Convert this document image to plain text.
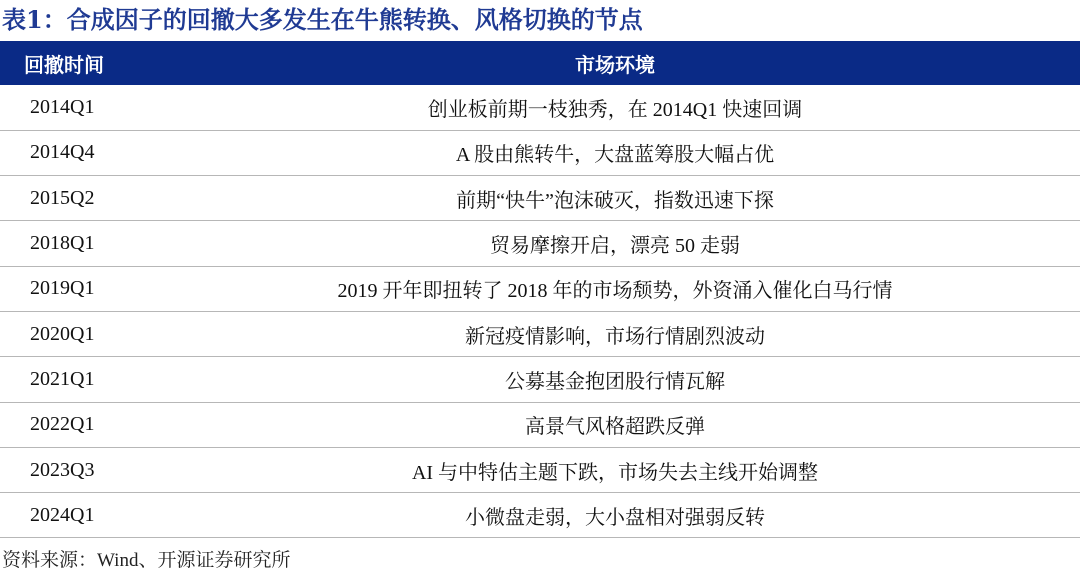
表1：合成因子的回撤大多发生在牛熊转换、风格切换的节点
回撤时间	市场环境
2014Q1	创业板前期一枝独秀，在 2014Q1 快速回调
2014Q4	A 股由熊转牛，大盘蓝筹股大幅占优
2015Q2	前期“快牛”泡沫破灭，指数迅速下探
2018Q1	贸易摩擦开启，漂亮 50 走弱
2019Q1	2019 开年即扭转了 2018 年的市场颓势，外资涌入催化白马行情
2020Q1	新冠疫情影响，市场行情剧烈波动
2021Q1	公募基金抱团股行情瓦解
2022Q1	高景气风格超跌反弹
2023Q3	AI 与中特估主题下跌，市场失去主线开始调整
2024Q1	小微盘走弱，大小盘相对强弱反转
资料来源：Wind、开源证券研究所
